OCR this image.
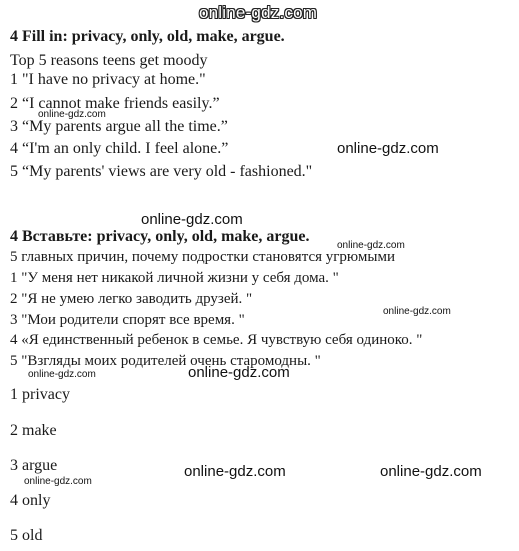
online-gdz.com
online-gdz.com
online-gdz.com
online-gdz.com
online-gdz.com
online-gdz.com
online-gdz.com	online-gdz.com
online-gdz.com	online-gdz.com
online-gdz.com
4 Fill in: privacy, only, old, make, argue.
Top 5 reasons teens get moody
1 "I have no privacy at home."
2 “I cannot make friends easily.”
3 “My parents argue all the time.”
4 “I'm an only child. I feel alone.”
5 “My parents' views are very old - fashioned."
4 Вставьте: privacy, only, old, make, argue.
5 главных причин, почему подростки становятся угрюмыми
1 "У меня нет никакой личной жизни у себя дома. "
2 "Я не умею легко заводить друзей. "
3 "Мои родители спорят все время. "
4 «Я единственный ребенок в семье. Я чувствую себя одиноко. "
5 "Взгляды моих родителей очень старомодны. "
1 privacy
2 make
3 argue
4 only
5 old
